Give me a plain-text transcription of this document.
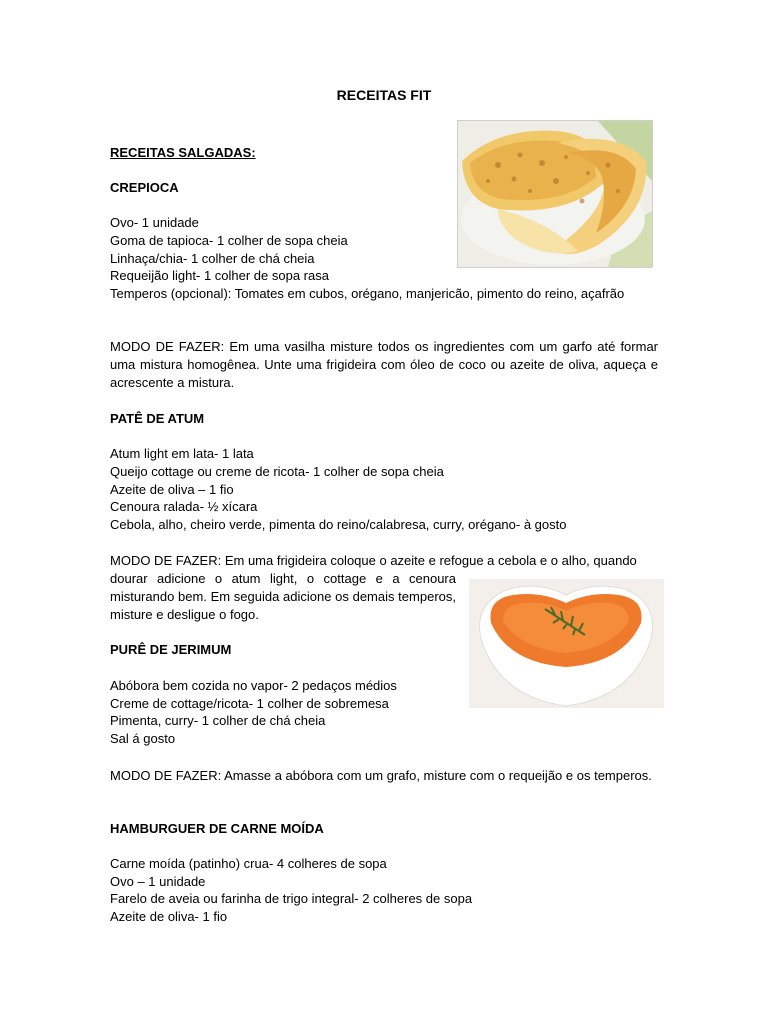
RECEITAS FIT
RECEITAS SALGADAS:
CREPIOCA
Ovo- 1 unidade
Goma de tapioca- 1 colher de sopa cheia
Linhaça/chia- 1 colher de chá cheia
Requeijão light- 1 colher de sopa rasa

Temperos (opcional): Tomates em cubos, orégano, manjericão, pimento do reino, açafrão

MODO DE FAZER: Em uma vasilha misture todos os ingredientes com um garfo até formar uma mistura homogênea. Unte uma frigideira com óleo de coco ou azeite de oliva, aqueça e acrescente a mistura.

PATÊ DE ATUM
Atum light em lata- 1 lata
Queijo cottage ou creme de ricota- 1 colher de sopa cheia
Azeite de oliva – 1 fio
Cenoura ralada- ½ xícara
Cebola, alho, cheiro verde, pimenta do reino/calabresa, curry, orégano- à gosto
MODO DE FAZER: Em uma frigideira coloque o azeite e refogue a cebola e o alho, quando

dourar adicione o atum light, o cottage e a cenoura misturando bem. Em seguida adicione os demais temperos, misture e desligue o fogo.

PURÊ DE JERIMUM
Abóbora bem cozida no vapor- 2 pedaços médios
Creme de cottage/ricota- 1 colher de sobremesa
Pimenta, curry- 1 colher de chá cheia
Sal á gosto

MODO DE FAZER: Amasse a abóbora com um grafo, misture com o requeijão e os temperos.

HAMBURGUER DE CARNE MOÍDA
Carne moída (patinho) crua- 4 colheres de sopa
Ovo – 1 unidade
Farelo de aveia ou farinha de trigo integral- 2 colheres de sopa
Azeite de oliva- 1 fio
